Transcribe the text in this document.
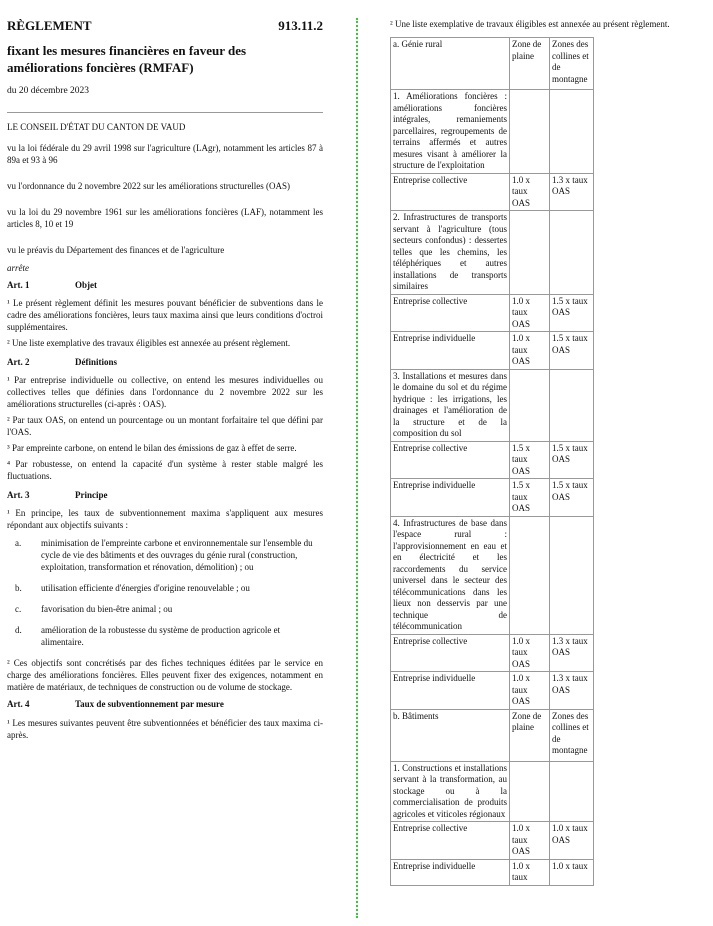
RÈGLEMENT	913.11.2
fixant les mesures financières en faveur des améliorations foncières (RMFAF)
du 20 décembre 2023

LE CONSEIL D'ÉTAT DU CANTON DE VAUD

vu la loi fédérale du 29 avril 1998 sur l'agriculture (LAgr), notamment les articles 87 à 89a et 93 à 96

vu l'ordonnance du 2 novembre 2022 sur les améliorations structurelles (OAS)

vu la loi du 29 novembre 1961 sur les améliorations foncières (LAF), notamment les articles 8, 10 et 19

vu le préavis du Département des finances et de l'agriculture

arrête

Art. 1	Objet

¹ Le présent règlement définit les mesures pouvant bénéficier de subventions dans le cadre des améliorations foncières, leurs taux maxima ainsi que leurs conditions d'octroi supplémentaires.

² Une liste exemplative des travaux éligibles est annexée au présent règlement.

Art. 2	Définitions

¹ Par entreprise individuelle ou collective, on entend les mesures individuelles ou collectives telles que définies dans l'ordonnance du 2 novembre 2022 sur les améliorations structurelles (ci-après : OAS).

² Par taux OAS, on entend un pourcentage ou un montant forfaitaire tel que défini par l'OAS.

³ Par empreinte carbone, on entend le bilan des émissions de gaz à effet de serre.

⁴ Par robustesse, on entend la capacité d'un système à rester stable malgré les fluctuations.

Art. 3	Principe

¹ En principe, les taux de subventionnement maxima s'appliquent aux mesures répondant aux objectifs suivants :

a.	minimisation de l'empreinte carbone et environnementale sur l'ensemble du cycle de vie des bâtiments et des ouvrages du génie rural (construction, exploitation, transformation et rénovation, démolition) ; ou
b.	utilisation efficiente d'énergies d'origine renouvelable ; ou
c.	favorisation du bien-être animal ; ou
d.	amélioration de la robustesse du système de production agricole et alimentaire.

² Ces objectifs sont concrétisés par des fiches techniques éditées par le service en charge des améliorations foncières. Elles peuvent fixer des exigences, notamment en matière de matériaux, de techniques de construction ou de volume de stockage.

Art. 4	Taux de subventionnement par mesure

¹ Les mesures suivantes peuvent être subventionnées et bénéficier des taux maxima ci-après.

² Une liste exemplative de travaux éligibles est annexée au présent règlement.
a. Génie rural	Zone de plaine	Zones des collines et de montagne
1. Améliorations foncières : améliorations foncières intégrales, remaniements parcellaires, regroupements de terrains affermés et autres mesures visant à améliorer la structure de l'exploitation		
Entreprise collective	1.0 x taux OAS	1.3 x taux OAS
2. Infrastructures de transports servant à l'agriculture (tous secteurs confondus) : dessertes telles que les chemins, les téléphériques et autres installations de transports similaires		
Entreprise collective	1.0 x taux OAS	1.5 x taux OAS
Entreprise individuelle	1.0 x taux OAS	1.5 x taux OAS
3. Installations et mesures dans le domaine du sol et du régime hydrique : les irrigations, les drainages et l'amélioration de la structure et de la composition du sol		
Entreprise collective	1.5 x taux OAS	1.5 x taux OAS
Entreprise individuelle	1.5 x taux OAS	1.5 x taux OAS
4. Infrastructures de base dans l'espace rural : l'approvisionnement en eau et en électricité et les raccordements du service universel dans le secteur des télécommunications dans les lieux non desservis par une technique de télécommunication		
Entreprise collective	1.0 x taux OAS	1.3 x taux OAS
Entreprise individuelle	1.0 x taux OAS	1.3 x taux OAS
b. Bâtiments	Zone de plaine	Zones des collines et de montagne
1. Constructions et installations servant à la transformation, au stockage ou à la commercialisation de produits agricoles et viticoles régionaux		
Entreprise collective	1.0 x taux OAS	1.0 x taux OAS
Entreprise individuelle	1.0 x taux	1.0 x taux
